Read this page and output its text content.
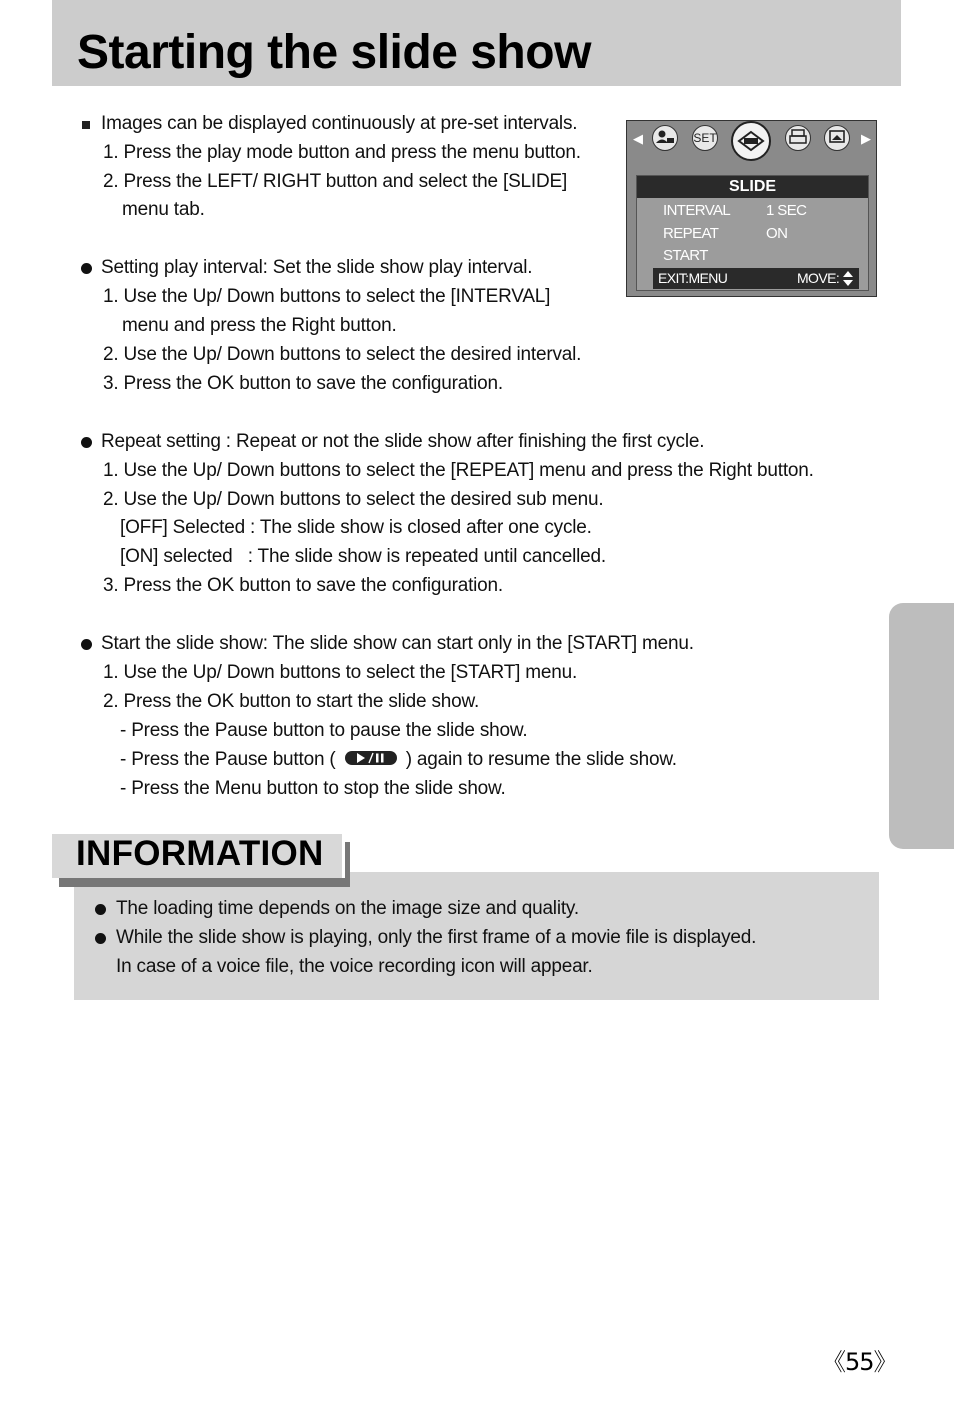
Starting the slide show
Images can be displayed continuously at pre-set intervals.
1. Press the play mode button and press the menu button.
2. Press the LEFT/ RIGHT button and select the [SLIDE]
menu tab.
Setting play interval: Set the slide show play interval.
1. Use the Up/ Down buttons to select the [INTERVAL]
menu and press the Right button.
2. Use the Up/ Down buttons to select the desired interval.
3. Press the OK button to save the configuration.
Repeat setting : Repeat or not the slide show after finishing the first cycle.
1. Use the Up/ Down buttons to select the [REPEAT] menu and press the Right button.
2. Use the Up/ Down buttons to select the desired sub menu.
[OFF] Selected : The slide show is closed after one cycle.
[ON] selected   : The slide show is repeated until cancelled.
3. Press the OK button to save the configuration.
Start the slide show: The slide show can start only in the [START] menu.
1. Use the Up/ Down buttons to select the [START] menu.
2. Press the OK button to start the slide show.
- Press the Pause button to pause the slide show.
- Press the Pause button (	) again to resume the slide show.
- Press the Menu button to stop the slide show.
◀	▶
SET
SLIDE
INTERVAL 1 SEC
REPEAT	ON
START
EXIT:MENU	MOVE:
INFORMATION
The loading time depends on the image size and quality.
While the slide show is playing, only the first frame of a movie file is displayed.
In case of a voice file, the voice recording icon will appear.
《55》
